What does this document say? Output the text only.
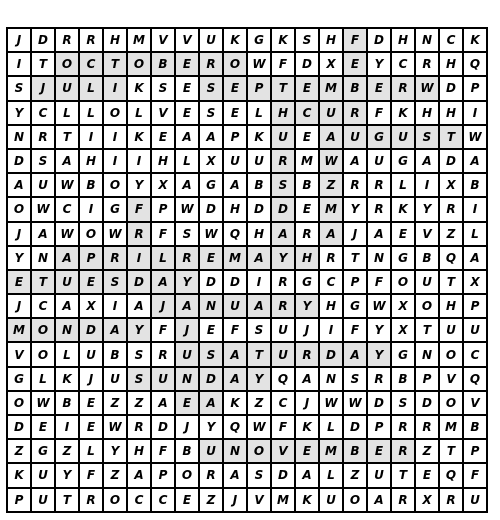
J	D	R	R	H	M	V	V	U	K	G	K	S	H	F	D	H	N	C	K
I	T	O	C	T	O	B	E	R	O	W	F	D	X	E	Y	C	R	H	Q
S	J	U	L	I	K	S	E	S	E	P	T	E	M	B	E	R	W	D	P
Y	C	L	L	O	L	V	E	S	E	L	H	C	U	R	F	K	H	H	I
N	R	T	I	I	K	E	A	A	P	K	U	E	A	U	G	U	S	T	W
D	S	A	H	I	I	H	L	X	U	U	R	M W	A	U	G	A	D	A
A	U	W	B	O	Y	X	A	G	A	B	S	B	Z	R	R	L	I	X	B
O	W	C	I	G	F	P	W	D	H	D	D	E	M	Y	R	K	Y	R	I
J	A	W	O	W	R	F	S	W	Q	H	A	R	A	J	A	E	V	Z	L
Y	N	A	P	R	I	L	R	E	M	A	Y	H	R	T	N	G	B	Q	A
E	T	U	E	S	D	A	Y	D	D	I	R	G	C	P	F	O	U	T	X
J	C	A	X	I	A	J	A	N	U	A	R	Y	H	G	W	X	O	H	P
M	O	N	D	A	Y	F	J	E	F	S	U	J	I	F	Y	X	T	U	U
V	O	L	U	B	S	R	U	S	A	T	U	R	D	A	Y	G	N	O	C
G	L	K	J	U	S	U	N	D	A	Y	Q	A	N	S	R	B	P	V	Q
O	W	B	E	Z	Z	A	E	A	K	Z	C	J	W W	D	S	D	O	V
D	E	I	E	W	R	D	J	Y	Q	W	F	K	L	D	P	R	R	M	B
Z	G	Z	L	Y	H	F	B	U	N	O	V	E	M	B	E	R	Z	T	P
K	U	Y	F	Z	A	P	O	R	A	S	D	A	L	Z	U	T	E	Q	F
P	U	T	R	O	C	C	E	Z	J	V	M	K	U	O	A	R	X	R	U
